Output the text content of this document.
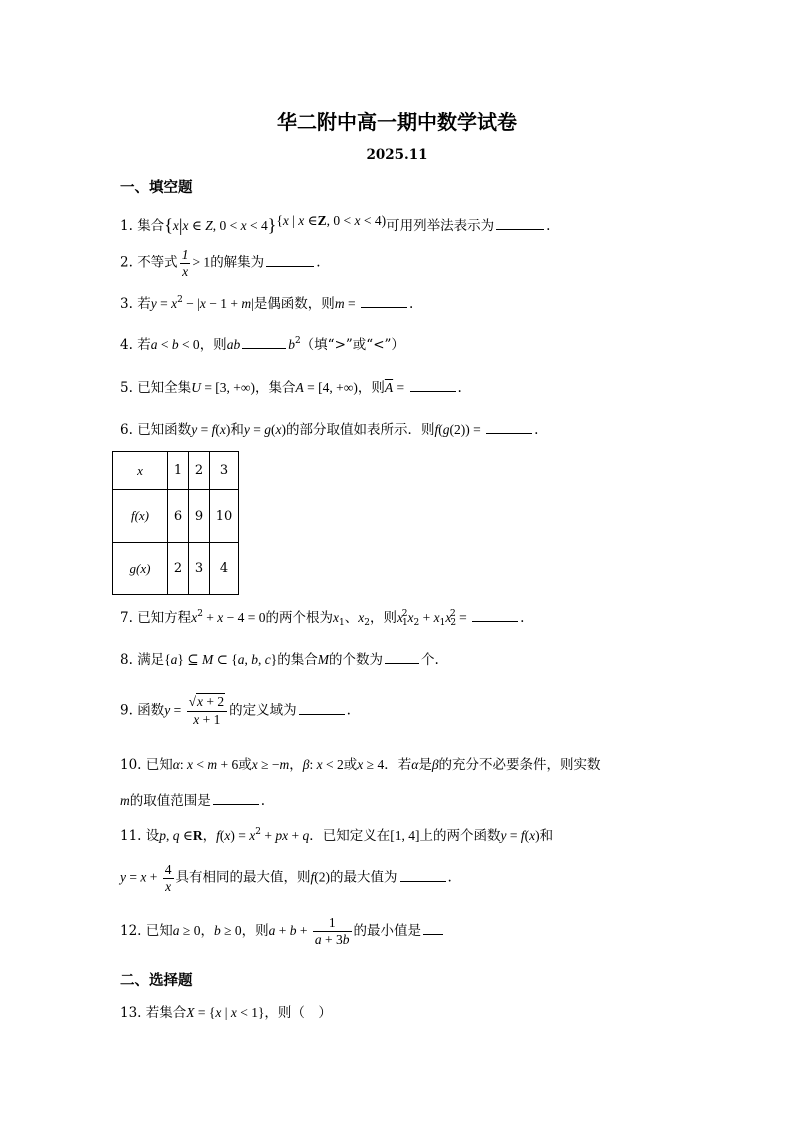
华二附中高一期中数学试卷
2025.11
一、填空题
1. 集合{x|x ∈ Z, 0 < x < 4}{x | x ∈Z, 0 < x < 4)可用列举法表示为	.
2. 不等式 $\frac{1}{x} > 1$的解集为	.
3. 若$y = x^2 - |x - 1 + m|$是偶函数，则m =	.
4. 若a < b < 0，则ab	$b^2$（填“>”或“<”）
5. 已知全集U = [3, +∞)，集合A = [4, +∞)，则$\overline{A}$ =	.
6. 已知函数y = f(x)和y = g(x)的部分取值如表所示．则f(g(2)) =	.
x	1	2	3
f(x)	6	9	10
g(x)	2	3	4
7. 已知方程$x^2 + x - 4 = 0$的两个根为$x_1$、$x_2$，则$x_1^2x_2 + x_1x_2^2$ =	.
8. 满足{a} ⊆ M ⊂ {a, b, c}的集合M的个数为	个.
9. 函数$y = \frac{√x + 2}{x + 1}$ 的定义域为	.
10. 已知α: x < m + 6或x ≥ −m，β: x < 2或x ≥ 4．若α是β的充分不必要条件，则实数
m的取值范围是	.
11. 设p, q ∈R，$f(x) = x^2$ + px + q．已知定义在[1, 4]上的两个函数y = f(x)和
$y = x + \frac{4}{x}$ 具有相同的最大值，则f(2)的最大值为	.
12. 已知a ≥ 0，b ≥ 0，则$a + b + \frac{1}{a + 3b}$ 的最小值是
二、选择题
13. 若集合X = {x | x < 1}，则（　）
